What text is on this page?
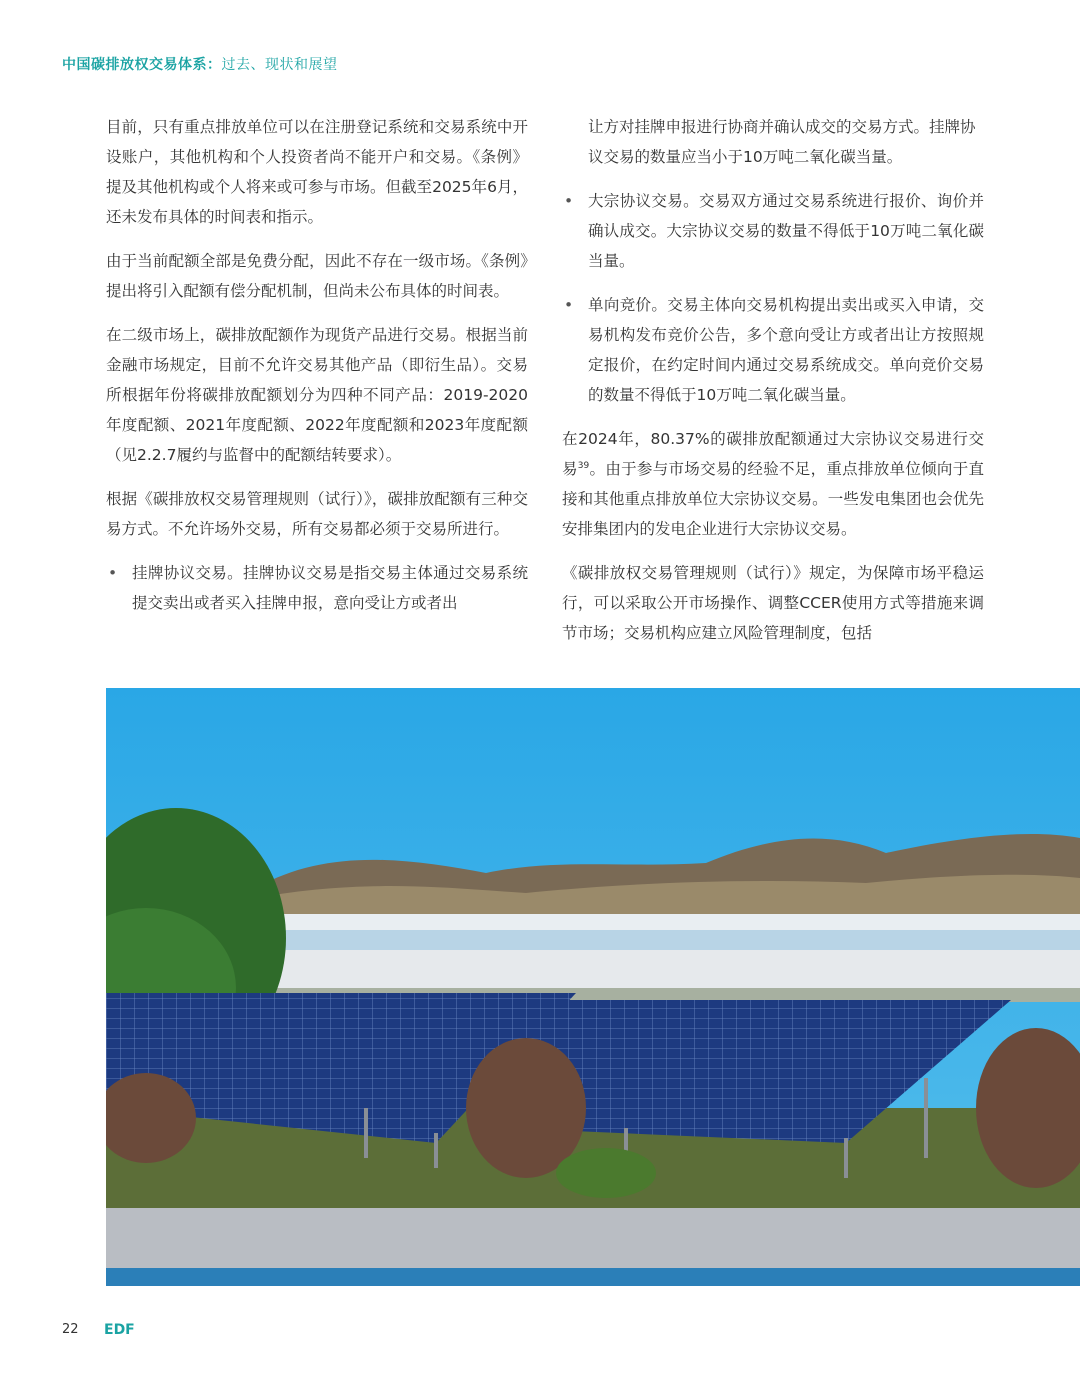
中国碳排放权交易体系：过去、现状和展望

目前，只有重点排放单位可以在注册登记系统和交易系统中开设账户，其他机构和个人投资者尚不能开户和交易。《条例》提及其他机构或个人将来或可参与市场。但截至2025年6月，还未发布具体的时间表和指示。

由于当前配额全部是免费分配，因此不存在一级市场。《条例》提出将引入配额有偿分配机制，但尚未公布具体的时间表。

在二级市场上，碳排放配额作为现货产品进行交易。根据当前金融市场规定，目前不允许交易其他产品（即衍生品）。交易所根据年份将碳排放配额划分为四种不同产品：2019-2020年度配额、2021年度配额、2022年度配额和2023年度配额（见2.2.7履约与监督中的配额结转要求）。

根据《碳排放权交易管理规则（试行）》，碳排放配额有三种交易方式。不允许场外交易，所有交易都必须于交易所进行。

• 挂牌协议交易。挂牌协议交易是指交易主体通过交易系统提交卖出或者买入挂牌申报，意向受让方或者出
让方对挂牌申报进行协商并确认成交的交易方式。挂牌协议交易的数量应当小于10万吨二氧化碳当量。
• 大宗协议交易。交易双方通过交易系统进行报价、询价并确认成交。大宗协议交易的数量不得低于10万吨二氧化碳当量。
• 单向竞价。交易主体向交易机构提出卖出或买入申请，交易机构发布竞价公告，多个意向受让方或者出让方按照规定报价，在约定时间内通过交易系统成交。单向竞价交易的数量不得低于10万吨二氧化碳当量。

在2024年，80.37%的碳排放配额通过大宗协议交易进行交易$^{39}$。由于参与市场交易的经验不足，重点排放单位倾向于直接和其他重点排放单位大宗协议交易。一些发电集团也会优先安排集团内的发电企业进行大宗协议交易。

《碳排放权交易管理规则（试行）》规定，为保障市场平稳运行，可以采取公开市场操作、调整CCER使用方式等措施来调节市场；交易机构应建立风险管理制度，包括

22 EDF
